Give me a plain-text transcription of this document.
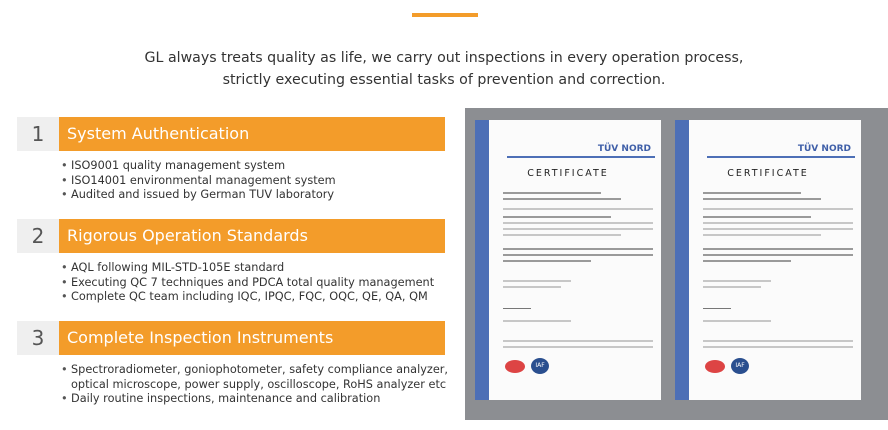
GL always treats quality as life, we carry out inspections in every operation process,
strictly executing essential tasks of prevention and correction.
1	System Authentication
• ISO9001 quality management system
• ISO14001 environmental management system
• Audited and issued by German TUV laboratory
2	Rigorous Operation Standards
• AQL following MIL-STD-105E standard
• Executing QC 7 techniques and PDCA total quality management
• Complete QC team including IQC, IPQC, FQC, OQC, QE, QA, QM
3	Complete Inspection Instruments
• Spectroradiometer, goniophotometer, safety compliance analyzer,
optical microscope, power supply, oscilloscope, RoHS analyzer etc
• Daily routine inspections, maintenance and calibration
TÜV NORD
CERTIFICATE
IAF
TÜV NORD
CERTIFICATE
IAF
